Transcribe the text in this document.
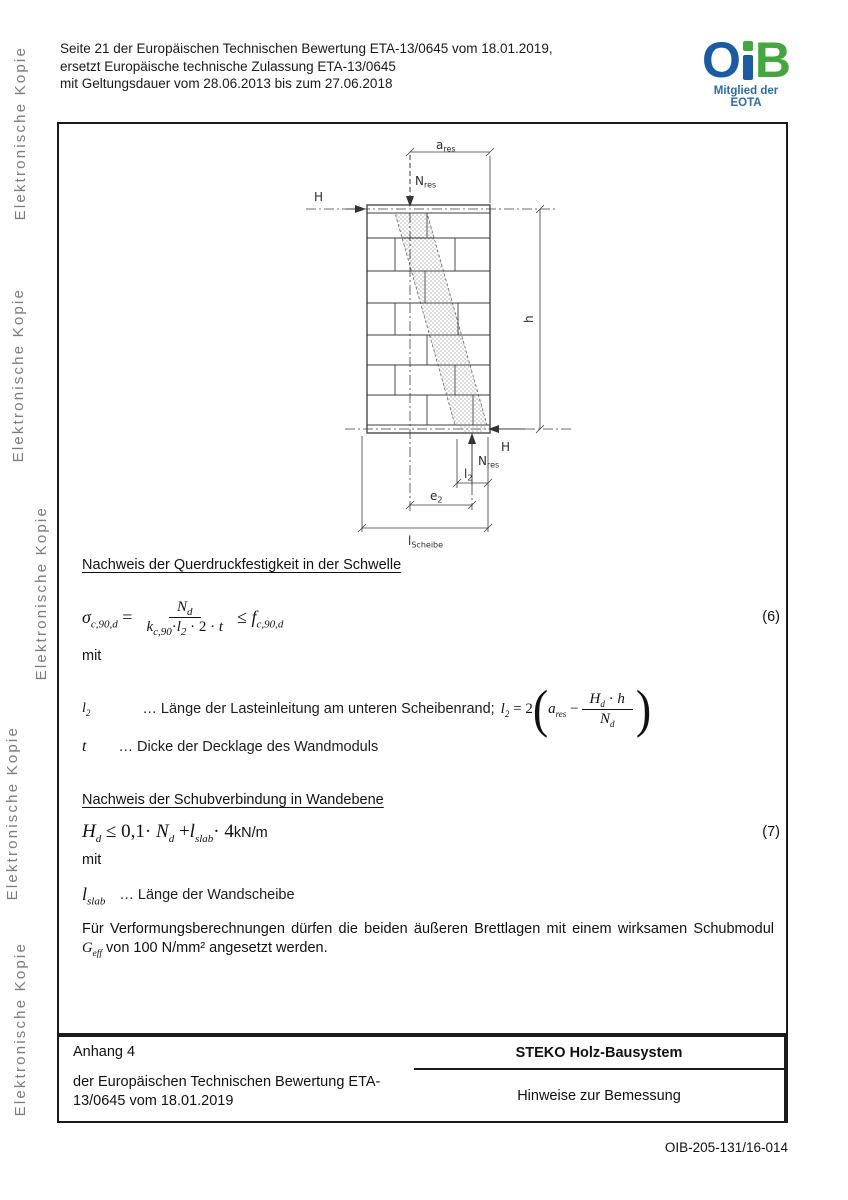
Elektronische Kopie
Elektronische Kopie
Elektronische Kopie
Elektronische Kopie
Elektronische Kopie
Seite 21 der Europäischen Technischen Bewertung ETA-13/0645 vom 18.01.2019,
ersetzt Europäische technische Zulassung ETA-13/0645
mit Geltungsdauer vom 28.06.2013 bis zum 27.06.2018	O B
Mitglied der EOTA
$a_{res}$
$N_{res}$
H
h
H
$N_{res}$
$l_2$
$e_2$
$l_{Scheibe}$
Nachweis der Querdruckfestigkeit in der Schwelle
$\sigma_{c,90,d} = \frac{N_d}{k_{c,90}\cdot l_2 \cdot 2 \cdot t} \le f_{c,90,d}$	(6)
mit
$l_2$	… Länge der Lasteinleitung am unteren Scheibenrand; $l_2 = 2$ ( $a_{res} - \frac{H_d \cdot h}{N_d}$ )
t … Dicke der Decklage des Wandmoduls
Nachweis der Schubverbindung in Wandebene
$H_d \le 0,1\cdot N_d +l_{slab}\cdot 4kN/m$	(7)
mit
$l_{slab}$ … Länge der Wandscheibe
Für Verformungsberechnungen dürfen die beiden äußeren Brettlagen mit einem wirksamen Schubmodul $G_{eff}$ von 100 N/mm² angesetzt werden.
STEKO Holz-Bausystem
Anhang 4
der Europäischen Technischen Bewertung ETA-13/0645 vom 18.01.2019	Hinweise zur Bemessung
OIB-205-131/16-014
